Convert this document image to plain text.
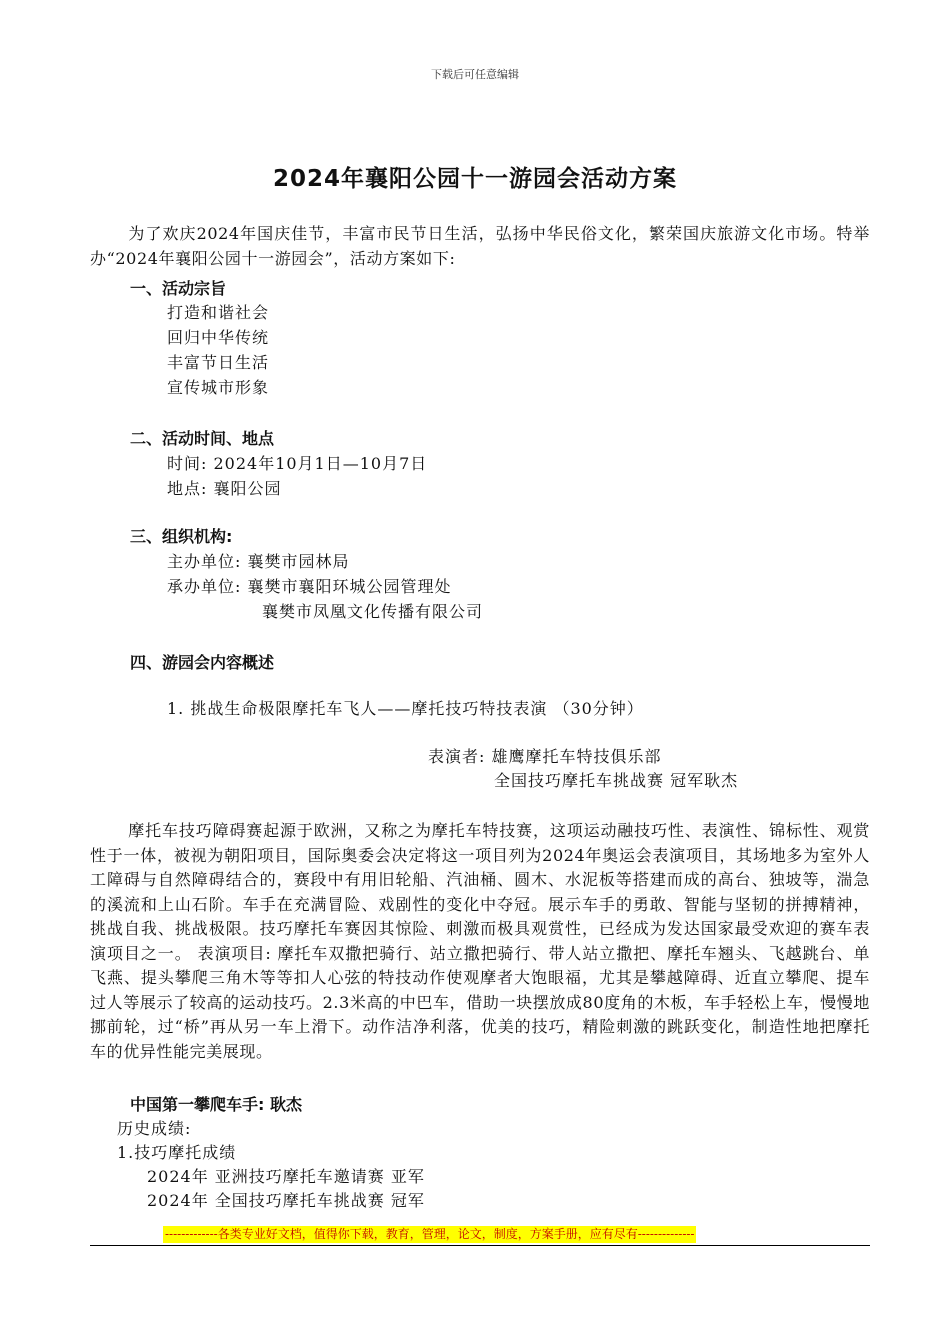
下载后可任意编辑
2024年襄阳公园十一游园会活动方案
为了欢庆2024年国庆佳节，丰富市民节日生活，弘扬中华民俗文化，繁荣国庆旅游文化市场。特举办“2024年襄阳公园十一游园会”，活动方案如下:
一、活动宗旨
打造和谐社会
回归中华传统
丰富节日生活
宣传城市形象
二、活动时间、地点
时间: 2024年10月1日—10月7日
地点: 襄阳公园
三、组织机构:
主办单位: 襄樊市园林局
承办单位: 襄樊市襄阳环城公园管理处
襄樊市凤凰文化传播有限公司
四、游园会内容概述
1. 挑战生命极限摩托车飞人——摩托技巧特技表演 （30分钟）
表演者: 雄鹰摩托车特技俱乐部
全国技巧摩托车挑战赛 冠军耿杰
摩托车技巧障碍赛起源于欧洲，又称之为摩托车特技赛，这项运动融技巧性、表演性、锦标性、观赏性于一体，被视为朝阳项目，国际奥委会决定将这一项目列为2024年奥运会表演项目，其场地多为室外人工障碍与自然障碍结合的，赛段中有用旧轮船、汽油桶、圆木、水泥板等搭建而成的高台、独坡等，湍急的溪流和上山石阶。车手在充满冒险、戏剧性的变化中夺冠。展示车手的勇敢、智能与坚韧的拼搏精神，挑战自我、挑战极限。技巧摩托车赛因其惊险、刺激而极具观赏性，已经成为发达国家最受欢迎的赛车表演项目之一。 表演项目: 摩托车双撒把骑行、站立撒把骑行、带人站立撒把、摩托车翘头、飞越跳台、单飞燕、提头攀爬三角木等等扣人心弦的特技动作使观摩者大饱眼福，尤其是攀越障碍、近直立攀爬、提车过人等展示了较高的运动技巧。2.3米高的中巴车，借助一块摆放成80度角的木板，车手轻松上车，慢慢地挪前轮，过“桥”再从另一车上滑下。动作洁净利落，优美的技巧，精险刺激的跳跃变化，制造性地把摩托车的优异性能完美展现。
中国第一攀爬车手: 耿杰
历史成绩:
1.技巧摩托成绩
2024年 亚洲技巧摩托车邀请赛 亚军
2024年 全国技巧摩托车挑战赛 冠军
-------------各类专业好文档，值得你下载，教育，管理，论文，制度，方案手册，应有尽有--------------
